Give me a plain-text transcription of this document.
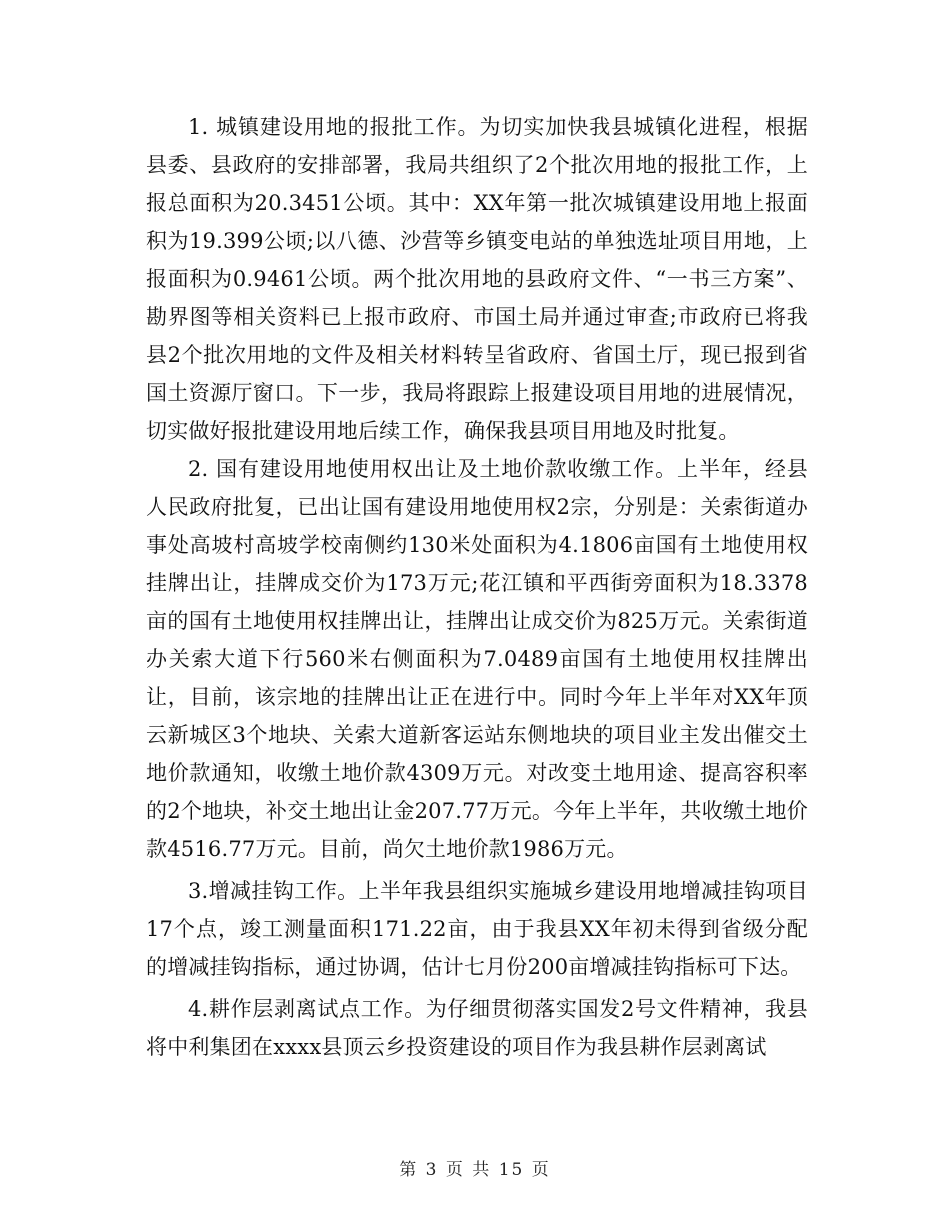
1. 城镇建设用地的报批工作。为切实加快我县城镇化进程，根据县委、县政府的安排部署，我局共组织了2个批次用地的报批工作，上报总面积为20.3451公顷。其中：XX年第一批次城镇建设用地上报面积为19.399公顷;以八德、沙营等乡镇变电站的单独选址项目用地，上报面积为0.9461公顷。两个批次用地的县政府文件、“一书三方案”、勘界图等相关资料已上报市政府、市国土局并通过审查;市政府已将我县2个批次用地的文件及相关材料转呈省政府、省国土厅，现已报到省国土资源厅窗口。下一步，我局将跟踪上报建设项目用地的进展情况，切实做好报批建设用地后续工作，确保我县项目用地及时批复。

2. 国有建设用地使用权出让及土地价款收缴工作。上半年，经县人民政府批复，已出让国有建设用地使用权2宗，分别是：关索街道办事处高坡村高坡学校南侧约130米处面积为4.1806亩国有土地使用权挂牌出让，挂牌成交价为173万元;花江镇和平西街旁面积为18.3378亩的国有土地使用权挂牌出让，挂牌出让成交价为825万元。关索街道办关索大道下行560米右侧面积为7.0489亩国有土地使用权挂牌出让，目前，该宗地的挂牌出让正在进行中。同时今年上半年对XX年顶云新城区3个地块、关索大道新客运站东侧地块的项目业主发出催交土地价款通知，收缴土地价款4309万元。对改变土地用途、提高容积率的2个地块，补交土地出让金207.77万元。今年上半年，共收缴土地价款4516.77万元。目前，尚欠土地价款1986万元。

3.增减挂钩工作。上半年我县组织实施城乡建设用地增减挂钩项目17个点，竣工测量面积171.22亩，由于我县XX年初未得到省级分配的增减挂钩指标，通过协调，估计七月份200亩增减挂钩指标可下达。

4.耕作层剥离试点工作。为仔细贯彻落实国发2号文件精神，我县将中利集团在xxxx县顶云乡投资建设的项目作为我县耕作层剥离试

第 3 页 共 15 页
